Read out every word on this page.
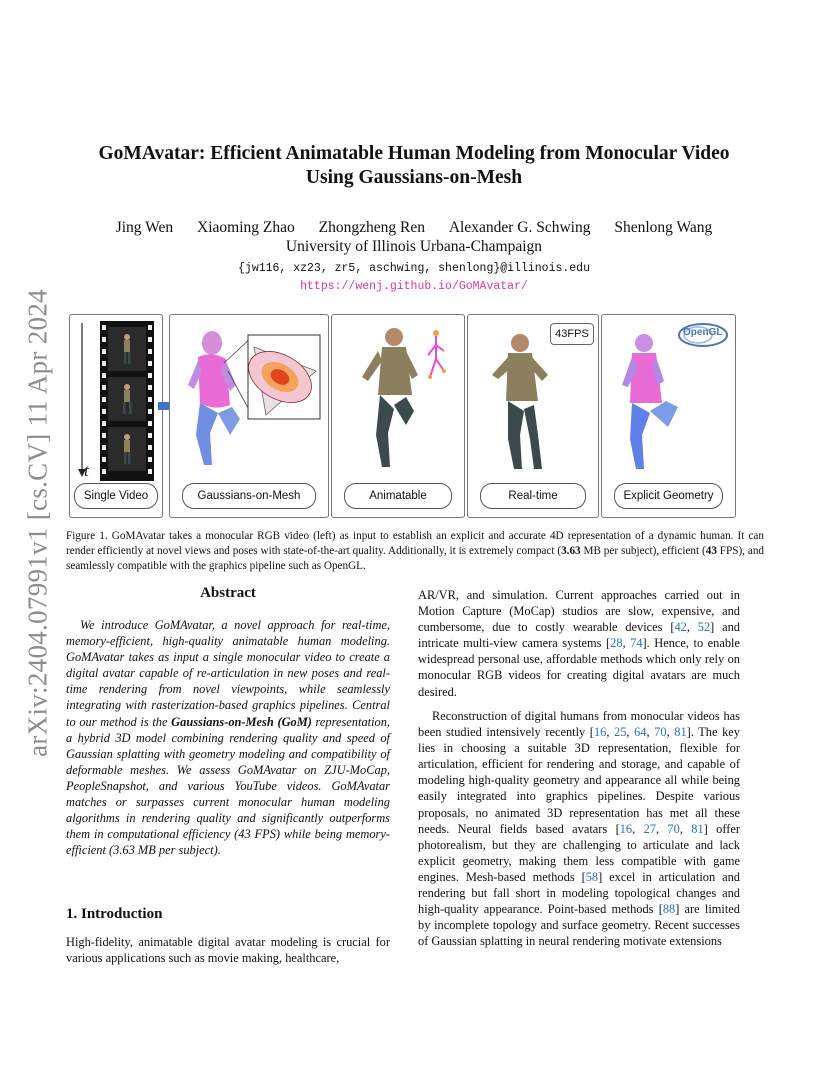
arXiv:2404.07991v1 [cs.CV] 11 Apr 2024
GoMAvatar: Efficient Animatable Human Modeling from Monocular Video
Using Gaussians-on-Mesh
Jing Wen Xiaoming Zhao Zhongzheng Ren Alexander G. Schwing Shenlong Wang
University of Illinois Urbana-Champaign
{jw116, xz23, zr5, aschwing, shenlong}@illinois.edu
https://wenj.github.io/GoMAvatar/
t
Single Video	Gaussians-on-Mesh	Animatable
43FPS
Real-time
OpenGL
Explicit Geometry
Figure 1. GoMAvatar takes a monocular RGB video (left) as input to establish an explicit and accurate 4D representation of a dynamic human. It can render efficiently at novel views and poses with state-of-the-art quality. Additionally, it is extremely compact (3.63 MB per subject), efficient (43 FPS), and seamlessly compatible with the graphics pipeline such as OpenGL.
Abstract
We introduce GoMAvatar, a novel approach for real-time, memory-efficient, high-quality animatable human modeling. GoMAvatar takes as input a single monocular video to create a digital avatar capable of re-articulation in new poses and real-time rendering from novel viewpoints, while seamlessly integrating with rasterization-based graphics pipelines. Central to our method is the Gaussians-on-Mesh (GoM) representation, a hybrid 3D model combining rendering quality and speed of Gaussian splatting with geometry modeling and compatibility of deformable meshes. We assess GoMAvatar on ZJU-MoCap, PeopleSnapshot, and various YouTube videos. GoMAvatar matches or surpasses current monocular human modeling algorithms in rendering quality and significantly outperforms them in computational efficiency (43 FPS) while being memory-efficient (3.63 MB per subject).
1. Introduction
High-fidelity, animatable digital avatar modeling is crucial for various applications such as movie making, healthcare,
AR/VR, and simulation. Current approaches carried out in Motion Capture (MoCap) studios are slow, expensive, and cumbersome, due to costly wearable devices [42, 52] and intricate multi-view camera systems [28, 74]. Hence, to enable widespread personal use, affordable methods which only rely on monocular RGB videos for creating digital avatars are much desired.
Reconstruction of digital humans from monocular videos has been studied intensively recently [16, 25, 64, 70, 81]. The key lies in choosing a suitable 3D representation, flexible for articulation, efficient for rendering and storage, and capable of modeling high-quality geometry and appearance all while being easily integrated into graphics pipelines. Despite various proposals, no animated 3D representation has met all these needs. Neural fields based avatars [16, 27, 70, 81] offer photorealism, but they are challenging to articulate and lack explicit geometry, making them less compatible with game engines. Mesh-based methods [58] excel in articulation and rendering but fall short in modeling topological changes and high-quality appearance. Point-based methods [88] are limited by incomplete topology and surface geometry. Recent successes of Gaussian splatting in neural rendering motivate extensions
